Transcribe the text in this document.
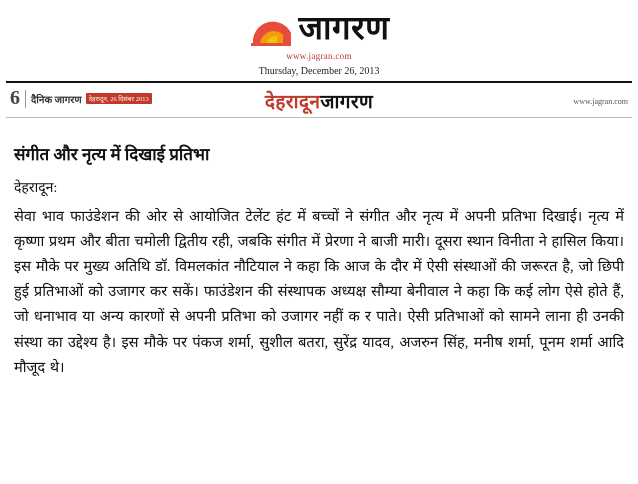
जागरण
www.jagran.com
Thursday, December 26, 2013
6 दैनिक जागरण	देहरादून, 26 दिसंबर 2013	देहरादूनजागरण	www.jagran.com
संगीत और नृत्य में दिखाई प्रतिभा
देहरादून:
सेवा भाव फाउंडेशन की ओर से आयोजित टेलेंट हंट में बच्चों ने संगीत और नृत्य में अपनी प्रतिभा दिखाई। नृत्य में कृष्णा प्रथम और बीता चमोली द्वितीय रही, जबकि संगीत में प्रेरणा ने बाजी मारी। दूसरा स्थान विनीता ने हासिल किया। इस मौके पर मुख्य अतिथि डॉ. विमलकांत नौटियाल ने कहा कि आज के दौर में ऐसी संस्थाओं की जरूरत है, जो छिपी हुई प्रतिभाओं को उजागर कर सकें। फाउंडेशन की संस्थापक अध्यक्ष सौम्या बेनीवाल ने कहा कि कई लोग ऐसे होते हैं, जो धनाभाव या अन्य कारणों से अपनी प्रतिभा को उजागर नहीं क र पाते। ऐसी प्रतिभाओं को सामने लाना ही उनकी संस्था का उद्देश्य है। इस मौके पर पंकज शर्मा, सुशील बतरा, सुरेंद्र यादव, अजरुन सिंह, मनीष शर्मा, पूनम शर्मा आदि मौजूद थे।
